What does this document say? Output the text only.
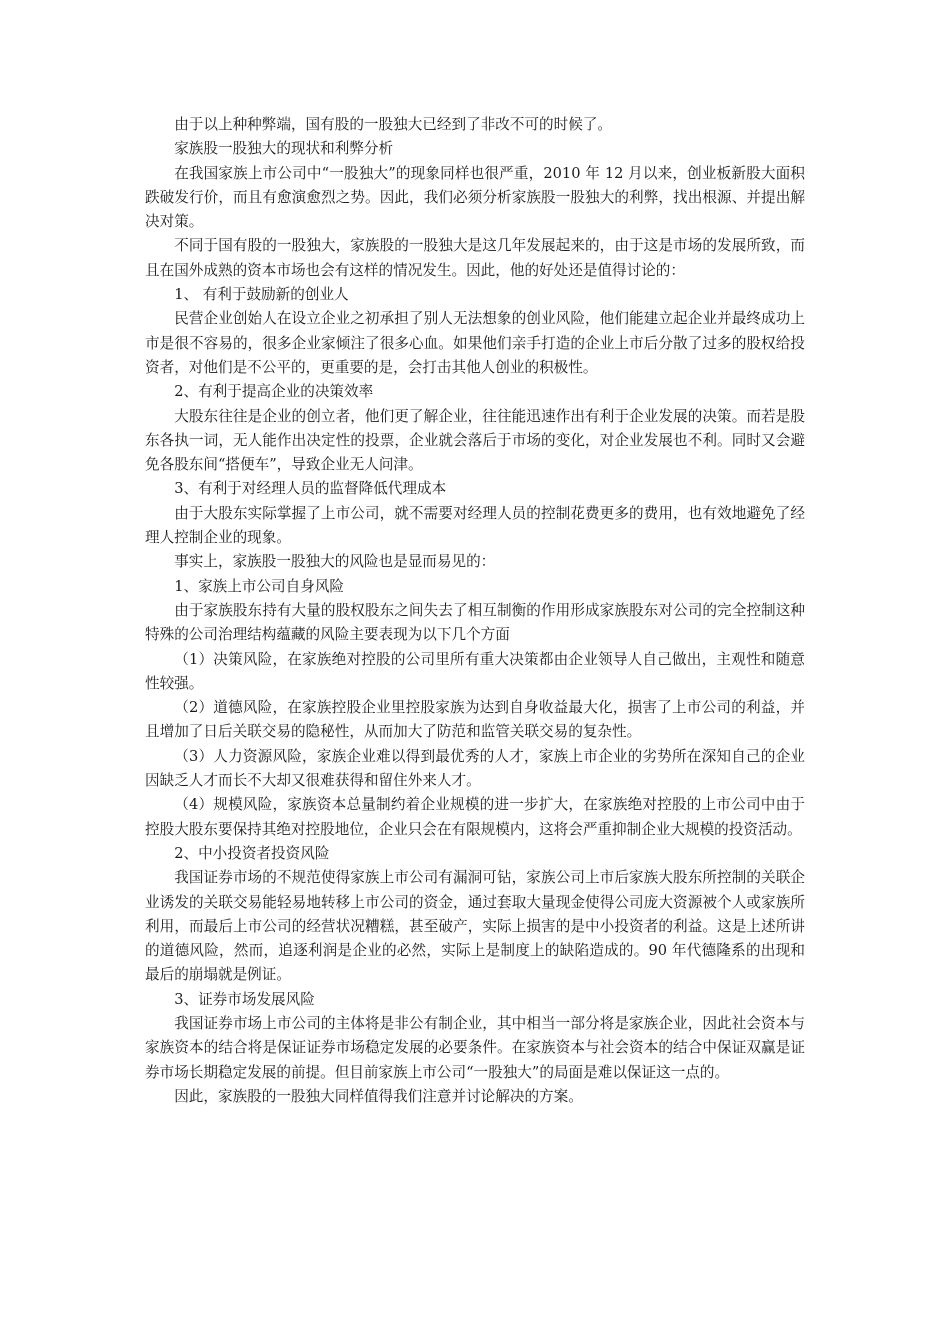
由于以上种种弊端，国有股的一股独大已经到了非改不可的时候了。

家族股一股独大的现状和利弊分析

在我国家族上市公司中“一股独大”的现象同样也很严重，2010 年 12 月以来，创业板新股大面积跌破发行价，而且有愈演愈烈之势。因此，我们必须分析家族股一股独大的利弊，找出根源、并提出解决对策。

不同于国有股的一股独大，家族股的一股独大是这几年发展起来的，由于这是市场的发展所致，而且在国外成熟的资本市场也会有这样的情况发生。因此，他的好处还是值得讨论的：

1、 有利于鼓励新的创业人

民营企业创始人在设立企业之初承担了别人无法想象的创业风险，他们能建立起企业并最终成功上市是很不容易的，很多企业家倾注了很多心血。如果他们亲手打造的企业上市后分散了过多的股权给投资者，对他们是不公平的，更重要的是，会打击其他人创业的积极性。

2、有利于提高企业的决策效率

大股东往往是企业的创立者，他们更了解企业，往往能迅速作出有利于企业发展的决策。而若是股东各执一词，无人能作出决定性的投票，企业就会落后于市场的变化，对企业发展也不利。同时又会避免各股东间“搭便车”，导致企业无人问津。

3、有利于对经理人员的监督降低代理成本

由于大股东实际掌握了上市公司，就不需要对经理人员的控制花费更多的费用，也有效地避免了经理人控制企业的现象。

事实上，家族股一股独大的风险也是显而易见的：

1、家族上市公司自身风险

由于家族股东持有大量的股权股东之间失去了相互制衡的作用形成家族股东对公司的完全控制这种特殊的公司治理结构蕴藏的风险主要表现为以下几个方面

（1）决策风险，在家族绝对控股的公司里所有重大决策都由企业领导人自己做出，主观性和随意性较强。

（2）道德风险，在家族控股企业里控股家族为达到自身收益最大化，损害了上市公司的利益，并且增加了日后关联交易的隐秘性，从而加大了防范和监管关联交易的复杂性。

（3）人力资源风险，家族企业难以得到最优秀的人才，家族上市企业的劣势所在深知自己的企业因缺乏人才而长不大却又很难获得和留住外来人才。

（4）规模风险，家族资本总量制约着企业规模的进一步扩大，在家族绝对控股的上市公司中由于控股大股东要保持其绝对控股地位，企业只会在有限规模内，这将会严重抑制企业大规模的投资活动。

2、中小投资者投资风险

我国证券市场的不规范使得家族上市公司有漏洞可钻，家族公司上市后家族大股东所控制的关联企业诱发的关联交易能轻易地转移上市公司的资金，通过套取大量现金使得公司庞大资源被个人或家族所利用，而最后上市公司的经营状况糟糕，甚至破产，实际上损害的是中小投资者的利益。这是上述所讲的道德风险，然而，追逐利润是企业的必然，实际上是制度上的缺陷造成的。90 年代德隆系的出现和最后的崩塌就是例证。

3、证券市场发展风险

我国证券市场上市公司的主体将是非公有制企业，其中相当一部分将是家族企业，因此社会资本与家族资本的结合将是保证证券市场稳定发展的必要条件。在家族资本与社会资本的结合中保证双赢是证券市场长期稳定发展的前提。但目前家族上市公司“一股独大”的局面是难以保证这一点的。

因此，家族股的一股独大同样值得我们注意并讨论解决的方案。
